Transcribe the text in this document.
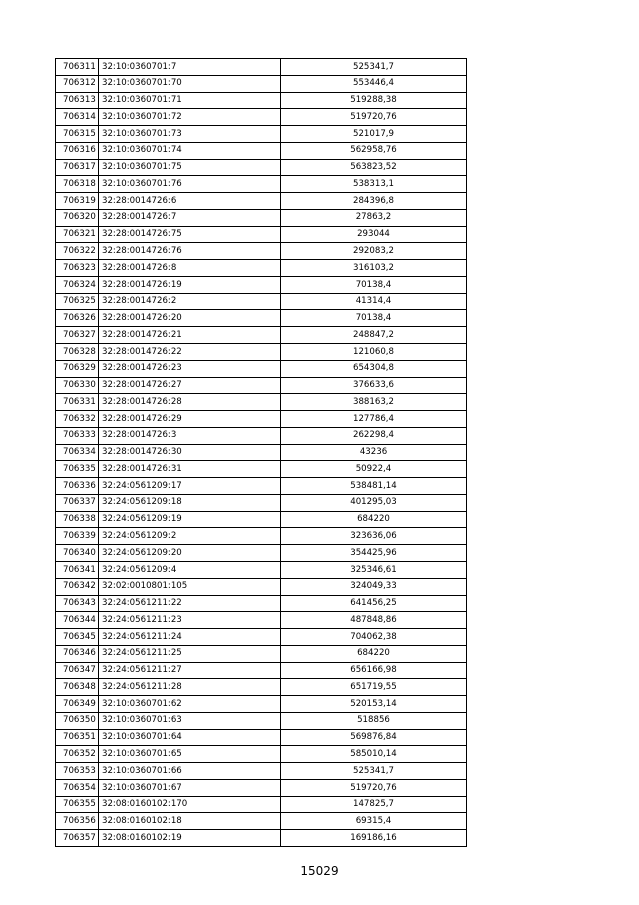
706311	32:10:0360701:7	525341,7
706312	32:10:0360701:70	553446,4
706313	32:10:0360701:71	519288,38
706314	32:10:0360701:72	519720,76
706315	32:10:0360701:73	521017,9
706316	32:10:0360701:74	562958,76
706317	32:10:0360701:75	563823,52
706318	32:10:0360701:76	538313,1
706319	32:28:0014726:6	284396,8
706320	32:28:0014726:7	27863,2
706321	32:28:0014726:75	293044
706322	32:28:0014726:76	292083,2
706323	32:28:0014726:8	316103,2
706324	32:28:0014726:19	70138,4
706325	32:28:0014726:2	41314,4
706326	32:28:0014726:20	70138,4
706327	32:28:0014726:21	248847,2
706328	32:28:0014726:22	121060,8
706329	32:28:0014726:23	654304,8
706330	32:28:0014726:27	376633,6
706331	32:28:0014726:28	388163,2
706332	32:28:0014726:29	127786,4
706333	32:28:0014726:3	262298,4
706334	32:28:0014726:30	43236
706335	32:28:0014726:31	50922,4
706336	32:24:0561209:17	538481,14
706337	32:24:0561209:18	401295,03
706338	32:24:0561209:19	684220
706339	32:24:0561209:2	323636,06
706340	32:24:0561209:20	354425,96
706341	32:24:0561209:4	325346,61
706342	32:02:0010801:105	324049,33
706343	32:24:0561211:22	641456,25
706344	32:24:0561211:23	487848,86
706345	32:24:0561211:24	704062,38
706346	32:24:0561211:25	684220
706347	32:24:0561211:27	656166,98
706348	32:24:0561211:28	651719,55
706349	32:10:0360701:62	520153,14
706350	32:10:0360701:63	518856
706351	32:10:0360701:64	569876,84
706352	32:10:0360701:65	585010,14
706353	32:10:0360701:66	525341,7
706354	32:10:0360701:67	519720,76
706355	32:08:0160102:170	147825,7
706356	32:08:0160102:18	69315,4
706357	32:08:0160102:19	169186,16
15029
